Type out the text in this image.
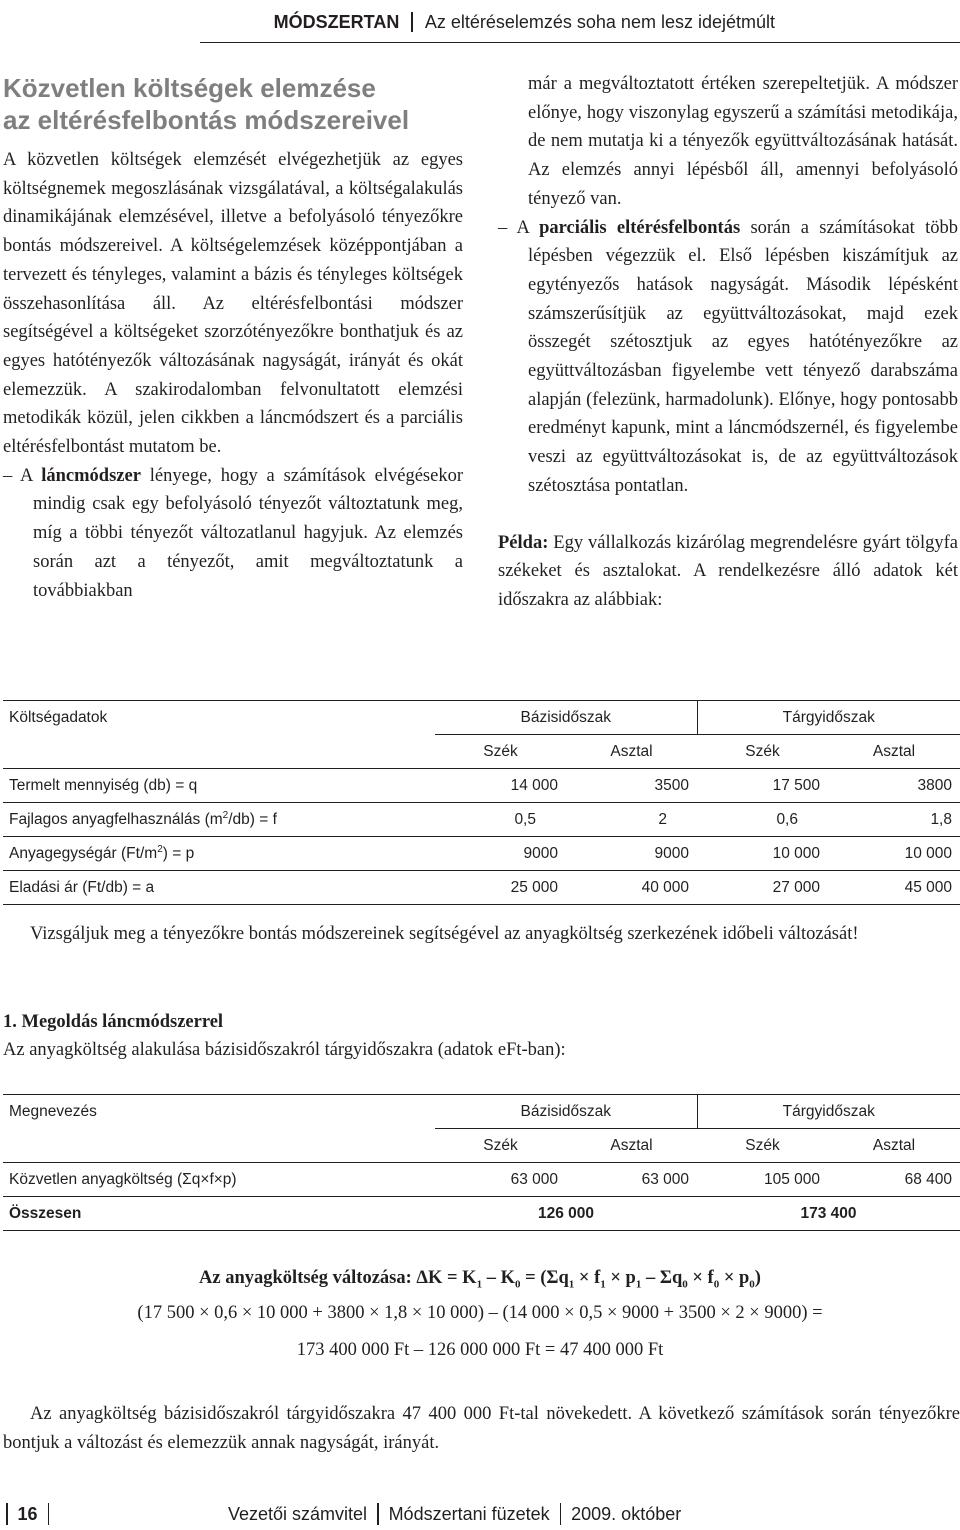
MÓDSZERTAN Az eltéréselemzés soha nem lesz idejétmúlt
Közvetlen költségek elemzése
az eltérésfelbontás módszereivel

A közvetlen költségek elemzését elvégezhetjük az egyes költségnemek megoszlásának vizsgálatával, a költségalakulás dinamikájának elemzésével, illetve a befolyásoló tényezőkre bontás módszereivel. A költségelemzések középpontjában a tervezett és tényleges, valamint a bázis és tényleges költségek összehasonlítása áll. Az eltérésfelbontási módszer segítségével a költségeket szorzótényezőkre bonthatjuk és az egyes hatótényezők változásának nagyságát, irányát és okát elemezzük. A szakirodalomban felvonultatott elemzési metodikák közül, jelen cikkben a láncmódszert és a parciális eltérésfelbontást mutatom be.

– A láncmódszer lényege, hogy a számítások elvégésekor mindig csak egy befolyásoló tényezőt változtatunk meg, míg a többi tényezőt változatlanul hagyjuk. Az elemzés során azt a tényezőt, amit megváltoztatunk a továbbiakban

már a megváltoztatott értéken szerepeltetjük. A módszer előnye, hogy viszonylag egyszerű a számítási metodikája, de nem mutatja ki a tényezők együttváltozásának hatását. Az elemzés annyi lépésből áll, amennyi befolyásoló tényező van.

– A parciális eltérésfelbontás során a számításokat több lépésben végezzük el. Első lépésben kiszámítjuk az egytényezős hatások nagyságát. Második lépésként számszerűsítjük az együttváltozásokat, majd ezek összegét szétosztjuk az egyes hatótényezőkre az együttváltozásban figyelembe vett tényező darabszáma alapján (felezünk, harmadolunk). Előnye, hogy pontosabb eredményt kapunk, mint a láncmódszernél, és figyelembe veszi az együttváltozásokat is, de az együttváltozások szétosztása pontatlan.

Példa: Egy vállalkozás kizárólag megrendelésre gyárt tölgyfa székeket és asztalokat. A rendelkezésre álló adatok két időszakra az alábbiak:

Költségadatok	Bázisidőszak		Tárgyidőszak	
	Szék	Asztal	Szék	Asztal
Termelt mennyiség (db) = q	14 000	3500	17 500	3800
Fajlagos anyagfelhasználás $(m^2/db) = f$	0,5	2	0,6	1,8
Anyagegységár $(Ft/m^2) = p$	9000	9000	10 000	10 000
Eladási ár (Ft/db) = a	25 000	40 000	27 000	45 000

Vizsgáljuk meg a tényezőkre bontás módszereinek segítségével az anyagköltség szerkezének időbeli változását!

1. Megoldás láncmódszerrel
Az anyagköltség alakulása bázisidőszakról tárgyidőszakra (adatok eFt-ban):
Megnevezés	Bázisidőszak		Tárgyidőszak	
	Szék	Asztal	Szék	Asztal
Közvetlen anyagköltség (Σq×f×p)	63 000	63 000	105 000	68 400
Összesen	126 000		173 400	
Az anyagköltség változása: $\Delta K = K_1 - K_0 = (\Sigma q_1 \times f_1 \times p_1 - \Sigma q_0 \times f_0 \times p_0)$
(17 500 × 0,6 × 10 000 + 3800 × 1,8 × 10 000) – (14 000 × 0,5 × 9000 + 3500 × 2 × 9000) =
173 400 000 Ft – 126 000 000 Ft = 47 400 000 Ft

Az anyagköltség bázisidőszakról tárgyidőszakra 47 400 000 Ft-tal növekedett. A következő számítások során tényezőkre bontjuk a változást és elemezzük annak nagyságát, irányát.

16	Vezetői számvitel Módszertani füzetek 2009. október
